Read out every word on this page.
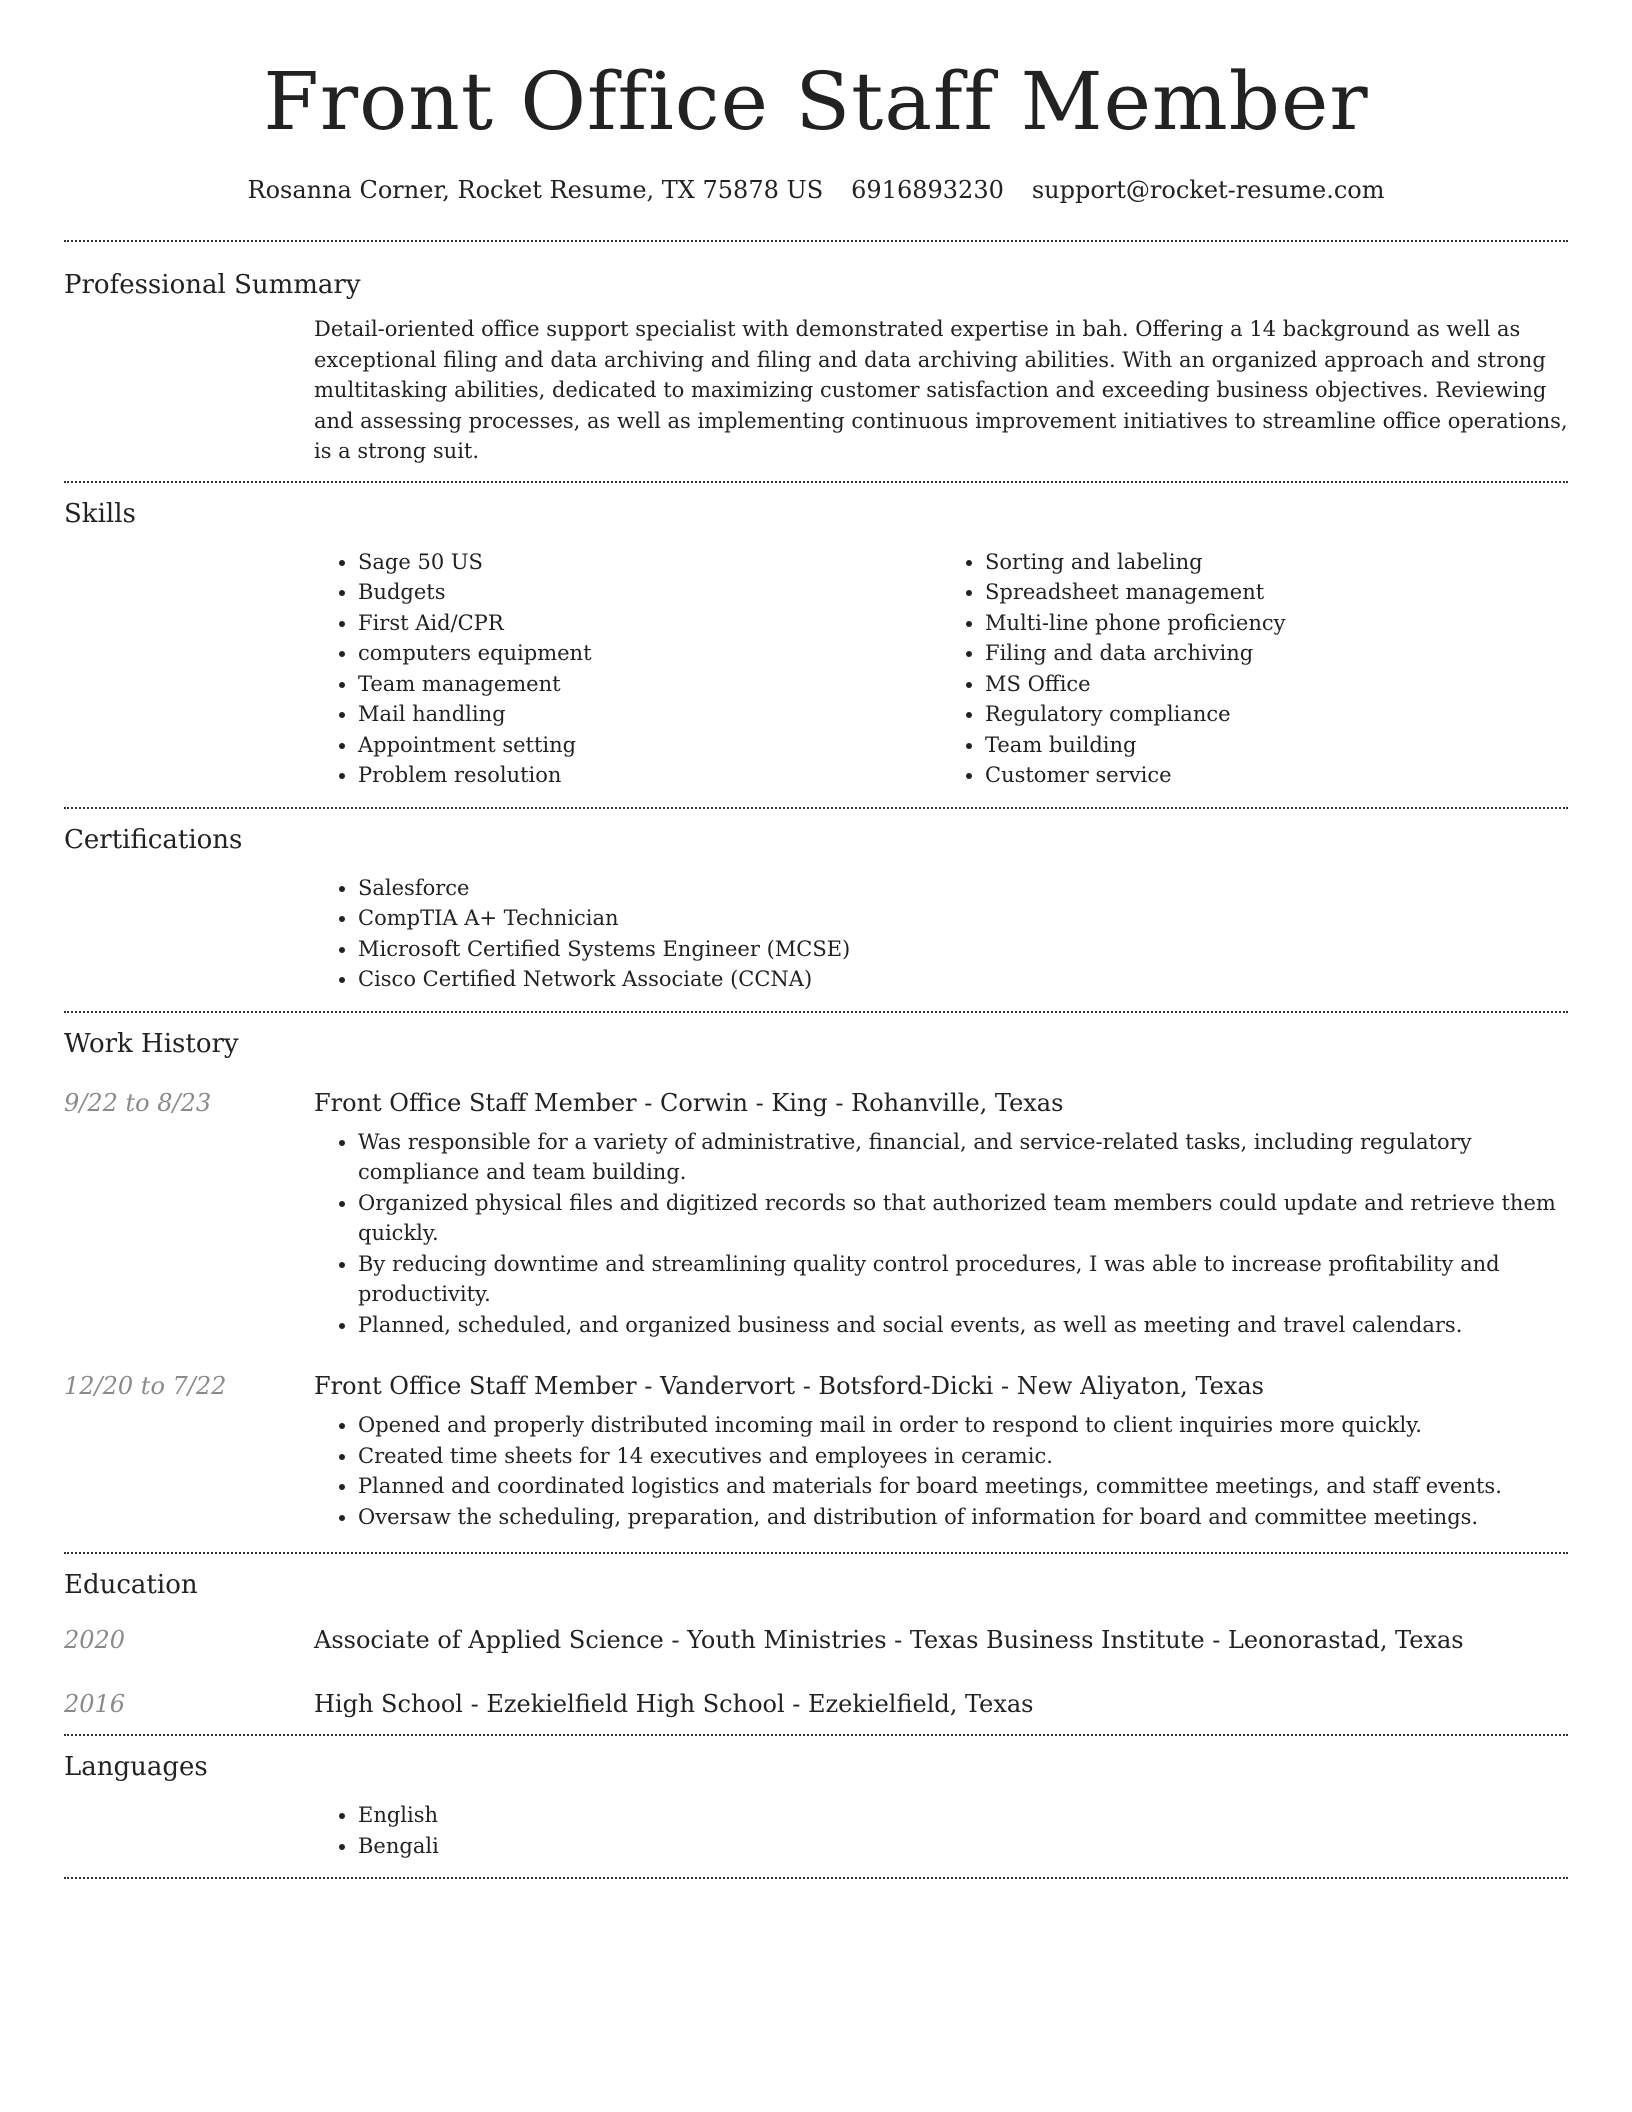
Front Office Staff Member
Rosanna Corner, Rocket Resume, TX 75878 US 6916893230 support@rocket-resume.com
Professional Summary

Detail-oriented office support specialist with demonstrated expertise in bah. Offering a 14 background as well as exceptional filing and data archiving and filing and data archiving abilities. With an organized approach and strong multitasking abilities, dedicated to maximizing customer satisfaction and exceeding business objectives. Reviewing and assessing processes, as well as implementing continuous improvement initiatives to streamline office operations, is a strong suit.

Skills
• Sage 50 US
• Budgets
• First Aid/CPR
• computers equipment
• Team management
• Mail handling
• Appointment setting
• Problem resolution
• Sorting and labeling
• Spreadsheet management
• Multi-line phone proficiency
• Filing and data archiving
• MS Office
• Regulatory compliance
• Team building
• Customer service
Certifications
• Salesforce
• CompTIA A+ Technician
• Microsoft Certified Systems Engineer (MCSE)
• Cisco Certified Network Associate (CCNA)
Work History
9/22 to 8/23	Front Office Staff Member - Corwin - King - Rohanville, Texas
• Was responsible for a variety of administrative, financial, and service-related tasks, including regulatory compliance and team building.
• Organized physical files and digitized records so that authorized team members could update and retrieve them quickly.
• By reducing downtime and streamlining quality control procedures, I was able to increase profitability and productivity.
• Planned, scheduled, and organized business and social events, as well as meeting and travel calendars.
12/20 to 7/22	Front Office Staff Member - Vandervort - Botsford-Dicki - New Aliyaton, Texas
• Opened and properly distributed incoming mail in order to respond to client inquiries more quickly.
• Created time sheets for 14 executives and employees in ceramic.
• Planned and coordinated logistics and materials for board meetings, committee meetings, and staff events.
• Oversaw the scheduling, preparation, and distribution of information for board and committee meetings.
Education
2020	Associate of Applied Science - Youth Ministries - Texas Business Institute - Leonorastad, Texas
2016	High School - Ezekielfield High School - Ezekielfield, Texas
Languages
• English
• Bengali
